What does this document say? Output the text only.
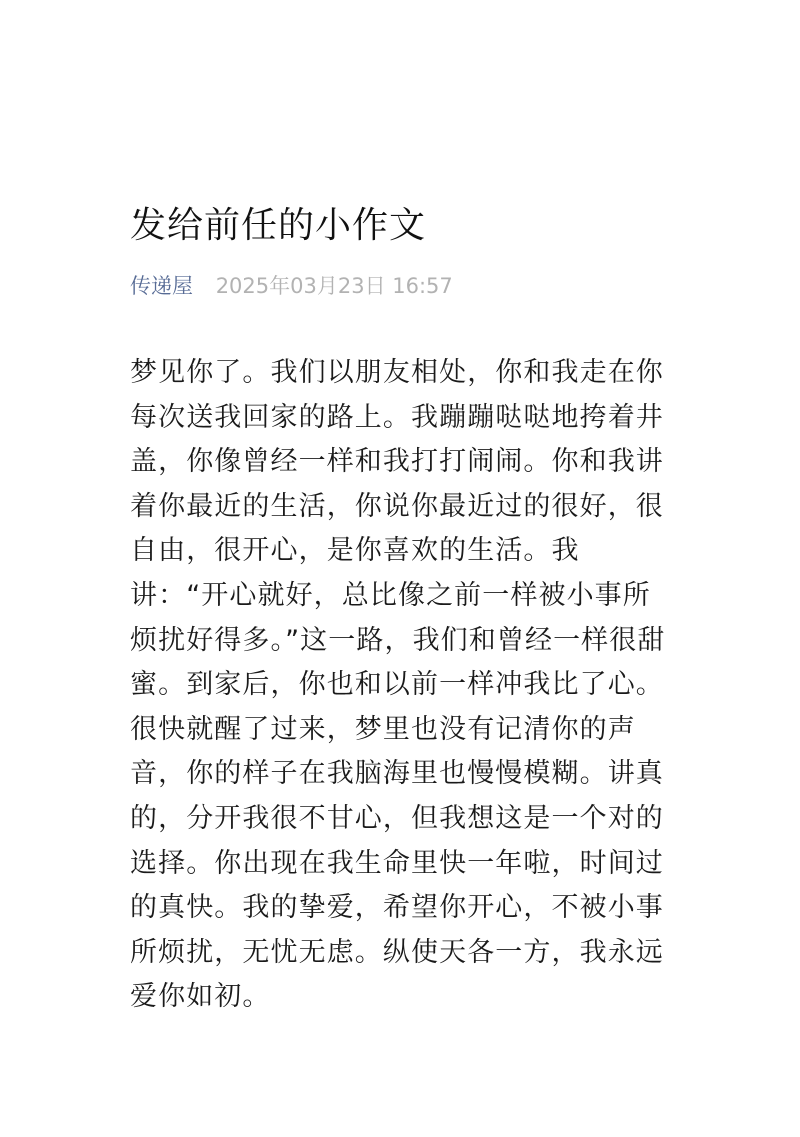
发给前任的小作文
传递屋 2025年03月23日 16:57

梦见你了。我们以朋友相处，你和我走在你每次送我回家的路上。我蹦蹦哒哒地挎着井盖，你像曾经一样和我打打闹闹。你和我讲着你最近的生活，你说你最近过的很好，很自由，很开心，是你喜欢的生活。我讲：“开心就好，总比像之前一样被小事所烦扰好得多。”这一路，我们和曾经一样很甜蜜。到家后，你也和以前一样冲我比了心。很快就醒了过来，梦里也没有记清你的声音，你的样子在我脑海里也慢慢模糊。讲真的，分开我很不甘心，但我想这是一个对的选择。你出现在我生命里快一年啦，时间过的真快。我的挚爱，希望你开心，不被小事所烦扰，无忧无虑。纵使天各一方，我永远爱你如初。
